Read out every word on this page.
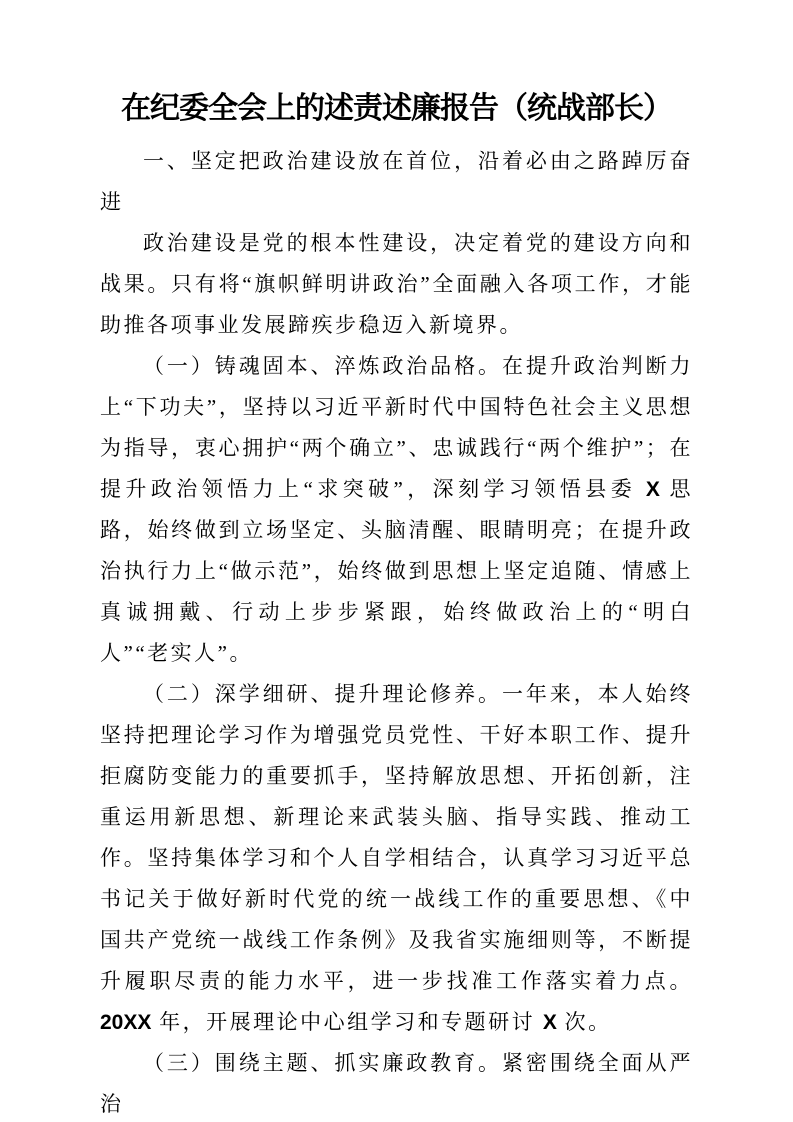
在纪委全会上的述责述廉报告（统战部长）

一、坚定把政治建设放在首位，沿着必由之路踔厉奋进

政治建设是党的根本性建设，决定着党的建设方向和战果。只有将“旗帜鲜明讲政治”全面融入各项工作，才能助推各项事业发展蹄疾步稳迈入新境界。

（一）铸魂固本、淬炼政治品格。在提升政治判断力上“下功夫”，坚持以习近平新时代中国特色社会主义思想为指导，衷心拥护“两个确立”、忠诚践行“两个维护”；在提升政治领悟力上“求突破”，深刻学习领悟县委 X 思路，始终做到立场坚定、头脑清醒、眼睛明亮；在提升政治执行力上“做示范”，始终做到思想上坚定追随、情感上真诚拥戴、行动上步步紧跟，始终做政治上的“明白人”“老实人”。

（二）深学细研、提升理论修养。一年来，本人始终坚持把理论学习作为增强党员党性、干好本职工作、提升拒腐防变能力的重要抓手，坚持解放思想、开拓创新，注重运用新思想、新理论来武装头脑、指导实践、推动工作。坚持集体学习和个人自学相结合，认真学习习近平总书记关于做好新时代党的统一战线工作的重要思想、《中国共产党统一战线工作条例》及我省实施细则等，不断提升履职尽责的能力水平，进一步找准工作落实着力点。20XX 年，开展理论中心组学习和专题研讨 X 次。

（三）围绕主题、抓实廉政教育。紧密围绕全面从严治
